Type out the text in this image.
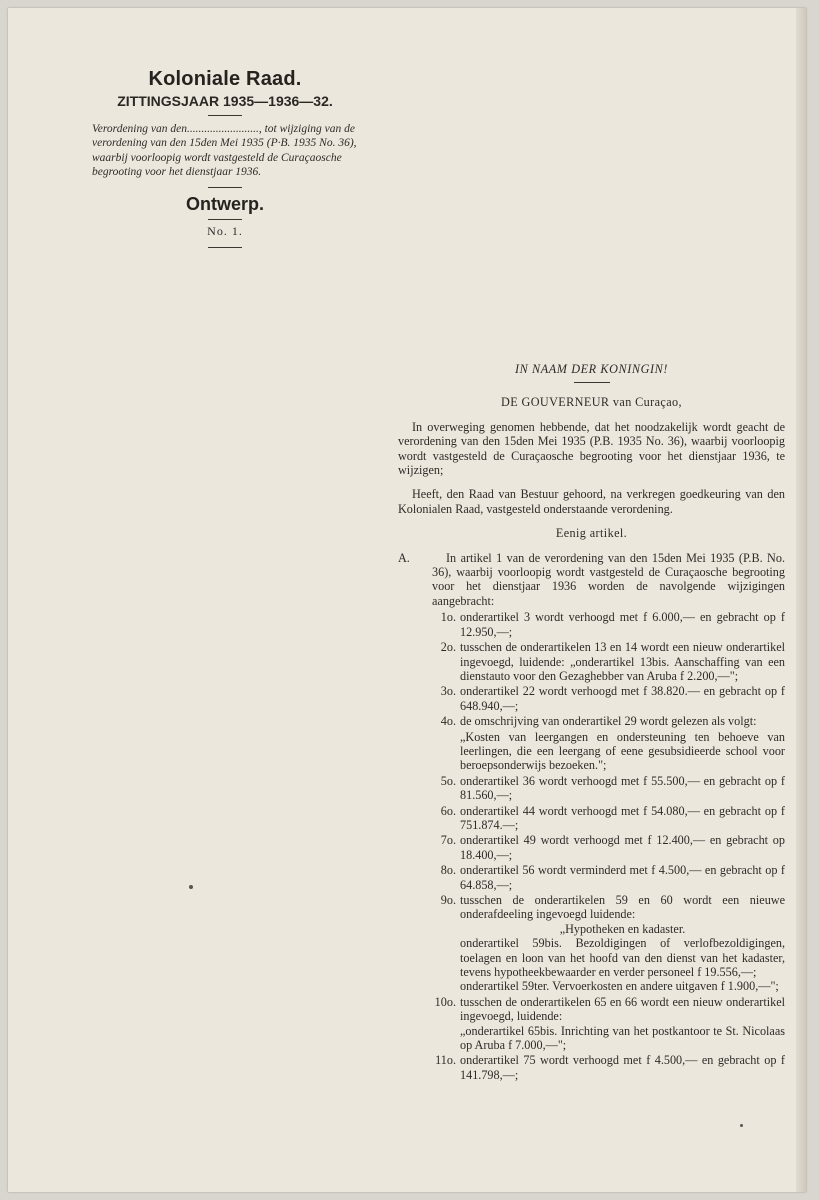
Koloniale Raad.
ZITTINGSJAAR 1935—1936—32.
Verordening van den........................., tot wijziging van de verordening van den 15den Mei 1935 (P·B. 1935 No. 36), waarbij voorloopig wordt vastgesteld de Curaçaosche begrooting voor het dienstjaar 1936.
Ontwerp.
No. 1.
IN NAAM DER KONINGIN!
DE GOUVERNEUR van Curaçao,
In overweging genomen hebbende, dat het noodzakelijk wordt geacht de verordening van den 15den Mei 1935 (P.B. 1935 No. 36), waarbij voorloopig wordt vastgesteld de Curaçaosche begrooting voor het dienstjaar 1936, te wijzigen;
Heeft, den Raad van Bestuur gehoord, na verkregen goedkeuring van den Kolonialen Raad, vastgesteld onderstaande verordening.
Eenig artikel.
A.	In artikel 1 van de verordening van den 15den Mei 1935 (P.B. No. 36), waarbij voorloopig wordt vastgesteld de Curaçaosche begrooting voor het dienstjaar 1936 worden de navolgende wijzigingen aangebracht:
1o. onderartikel 3 wordt verhoogd met f 6.000,— en gebracht op f 12.950,—;
2o. tusschen de onderartikelen 13 en 14 wordt een nieuw onderartikel ingevoegd, luidende: „onderartikel 13bis. Aanschaffing van een dienstauto voor den Gezaghebber van Aruba f 2.200,—";
3o. onderartikel 22 wordt verhoogd met f 38.820.— en gebracht op f 648.940,—;
4o. de omschrijving van onderartikel 29 wordt gelezen als volgt:
„Kosten van leergangen en ondersteuning ten behoeve van leerlingen, die een leergang of eene gesubsidieerde school voor beroepsonderwijs bezoeken.";
5o. onderartikel 36 wordt verhoogd met f 55.500,— en gebracht op f 81.560,—;
6o. onderartikel 44 wordt verhoogd met f 54.080,— en gebracht op f 751.874.—;
7o. onderartikel 49 wordt verhoogd met f 12.400,— en gebracht op 18.400,—;
8o. onderartikel 56 wordt verminderd met f 4.500,— en gebracht op f 64.858,—;
9o. tusschen de onderartikelen 59 en 60 wordt een nieuwe onderafdeeling ingevoegd luidende:
„Hypotheken en kadaster.
onderartikel 59bis. Bezoldigingen of verlofbezoldigingen, toelagen en loon van het hoofd van den dienst van het kadaster, tevens hypotheekbewaarder en verder personeel f 19.556,—;
onderartikel 59ter. Vervoerkosten en andere uitgaven f 1.900,—";
10o. tusschen de onderartikelen 65 en 66 wordt een nieuw onderartikel ingevoegd, luidende:
„onderartikel 65bis. Inrichting van het postkantoor te St. Nicolaas op Aruba f 7.000,—";
11o. onderartikel 75 wordt verhoogd met f 4.500,— en gebracht op f 141.798,—;
